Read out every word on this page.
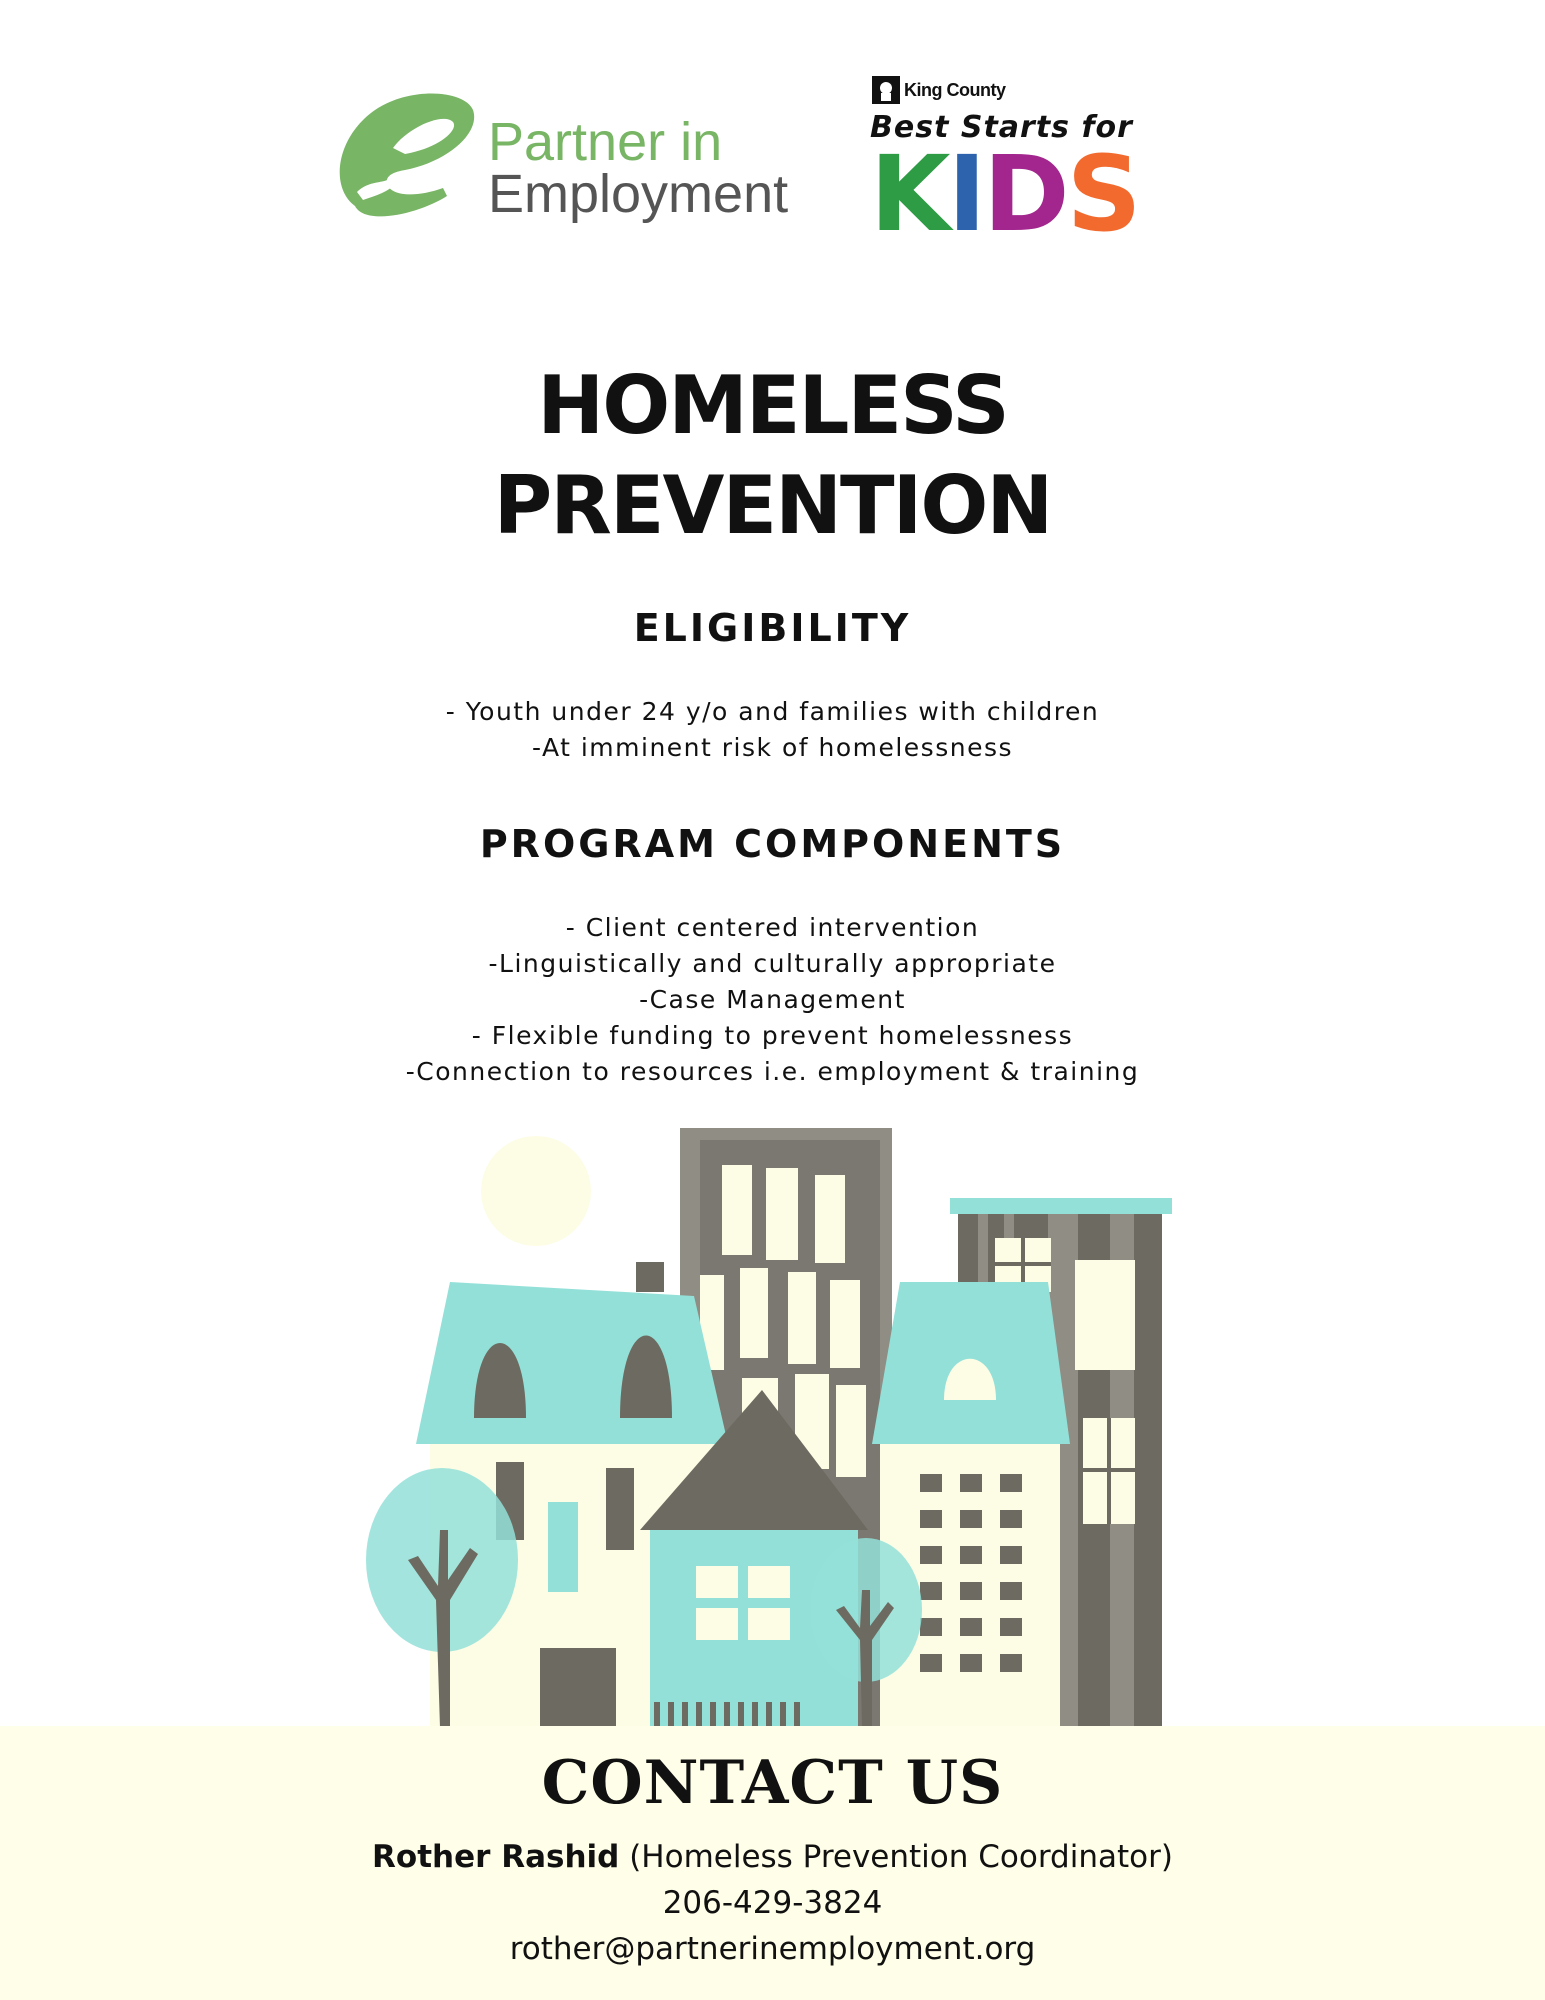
Partner in
Employment
King County
Best Starts for
KIDS
HOMELESS
PREVENTION
ELIGIBILITY
- Youth under 24 y/o and families with children
-At imminent risk of homelessness
PROGRAM COMPONENTS
- Client centered intervention
-Linguistically and culturally appropriate
-Case Management
- Flexible funding to prevent homelessness
-Connection to resources i.e. employment & training
CONTACT US
Rother Rashid (Homeless Prevention Coordinator)
206-429-3824
rother@partnerinemployment.org
